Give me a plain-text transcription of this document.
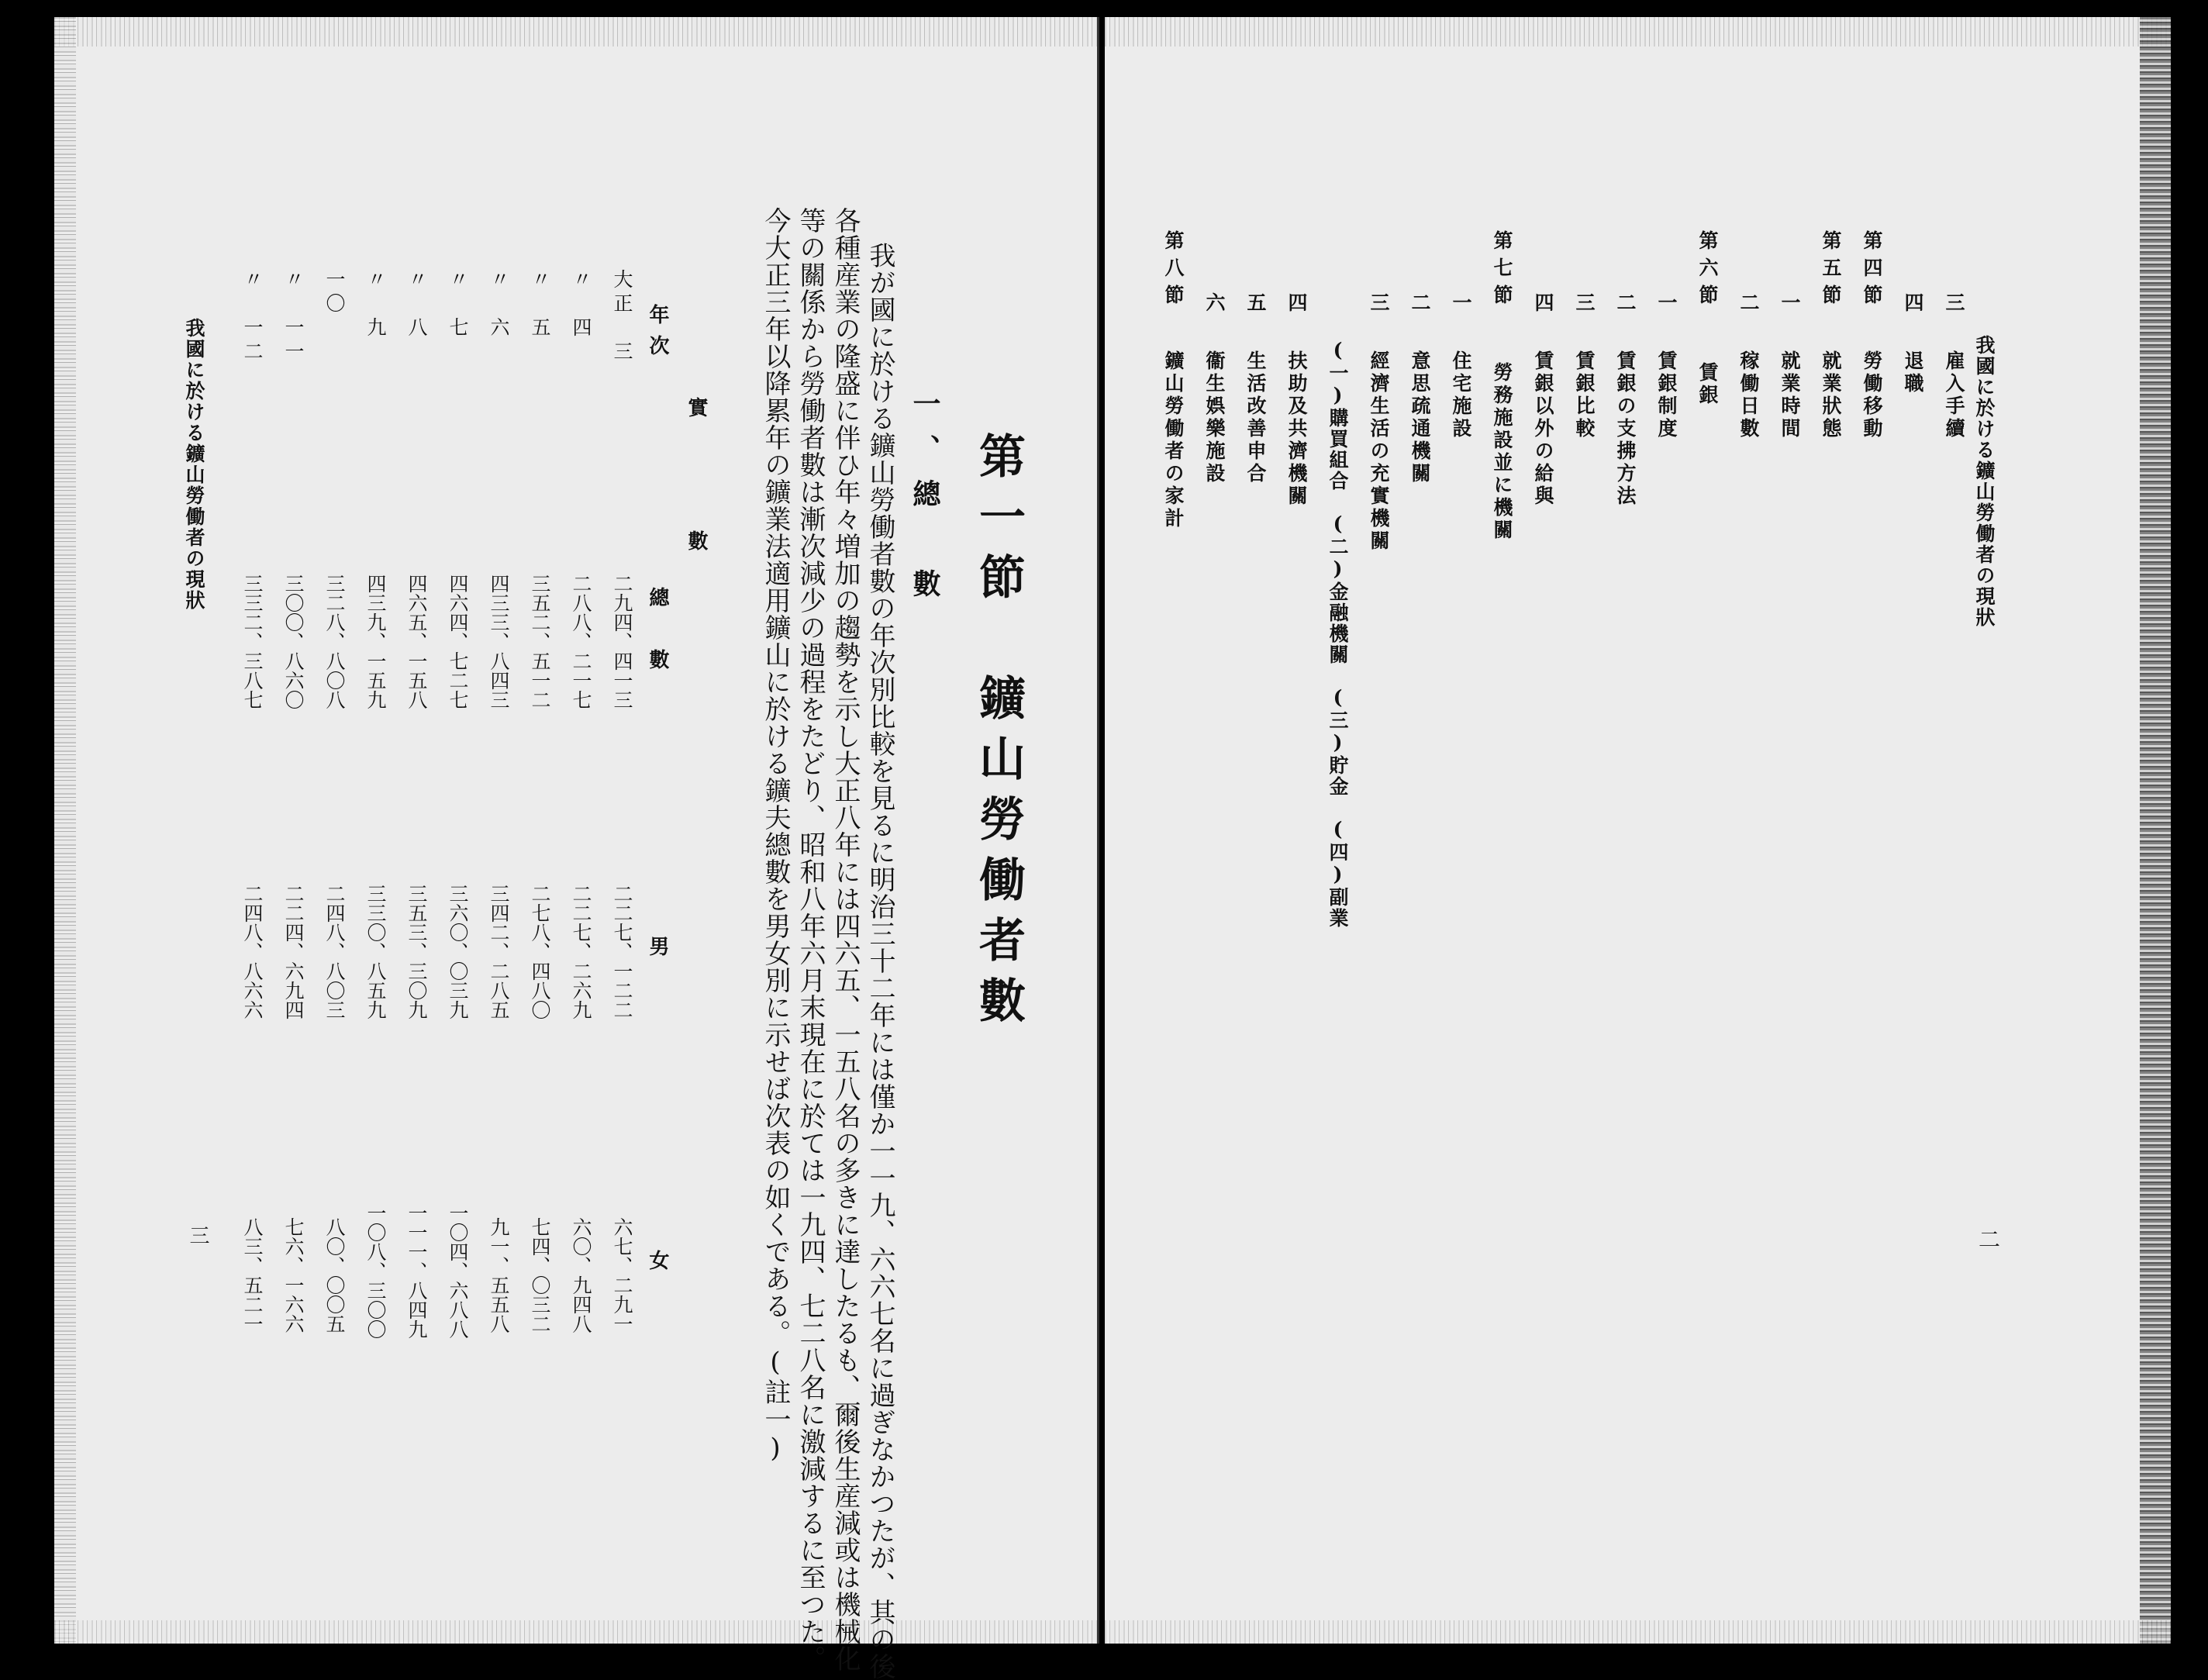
第一節　鑛山勞働者數
一、總　數
我が國に於ける鑛山勞働者數の年次別比較を見るに明治三十二年には僅か一一九、六六七名に過ぎなかつたが、其の後
各種産業の隆盛に伴ひ年々増加の趨勢を示し大正八年には四六五、一五八名の多きに達したるも、爾後生産減或は機械化
等の關係から勞働者數は漸次減少の過程をたどり、昭和八年六月末現在に於ては一九四、七二八名に激減するに至つた。
今大正三年以降累年の鑛業法適用鑛山に於ける鑛夫總數を男女別に示せば次表の如くである。(註一)
實　數
年次
總　數
男
女
大正　三
二九四、四一三
二二七、一二二
六七、二九一
〃　四
二八八、二一七
二二七、二六九
六〇、九四八
〃　五
三五二、五一二
二七八、四八〇
七四、〇三二
〃　六
四三三、八四三
三四二、二八五
九一、五五八
〃　七
四六四、七二七
三六〇、〇三九
一〇四、六八八
〃　八
四六五、一五八
三五三、三〇九
一一一、八四九
〃　九
四三九、一五九
三三〇、八五九
一〇八、三〇〇
一〇
三二八、八〇八
二四八、八〇三
八〇、〇〇五
〃　一一
三〇〇、八六〇
二二四、六九四
七六、一六六
〃　一二
三三二、三八七
二四八、八六六
八三、五二一
我國に於ける鑛山勞働者の現狀
三
我國に於ける鑛山勞働者の現狀
二
三
雇入手續
四
退職
第四節
勞働移動
第五節
就業狀態
一
就業時間
二
稼働日數
第六節
賃銀
一
賃銀制度
二
賃銀の支拂方法
三
賃銀比較
四
賃銀以外の給與
第七節
勞務施設並に機關
一
住宅施設
二
意思疏通機關
三
經濟生活の充實機關
(一)購買組合　(二)金融機關　(三)貯金　(四)副業
四
扶助及共濟機關
五
生活改善申合
六
衞生娯樂施設
第八節
鑛山勞働者の家計
